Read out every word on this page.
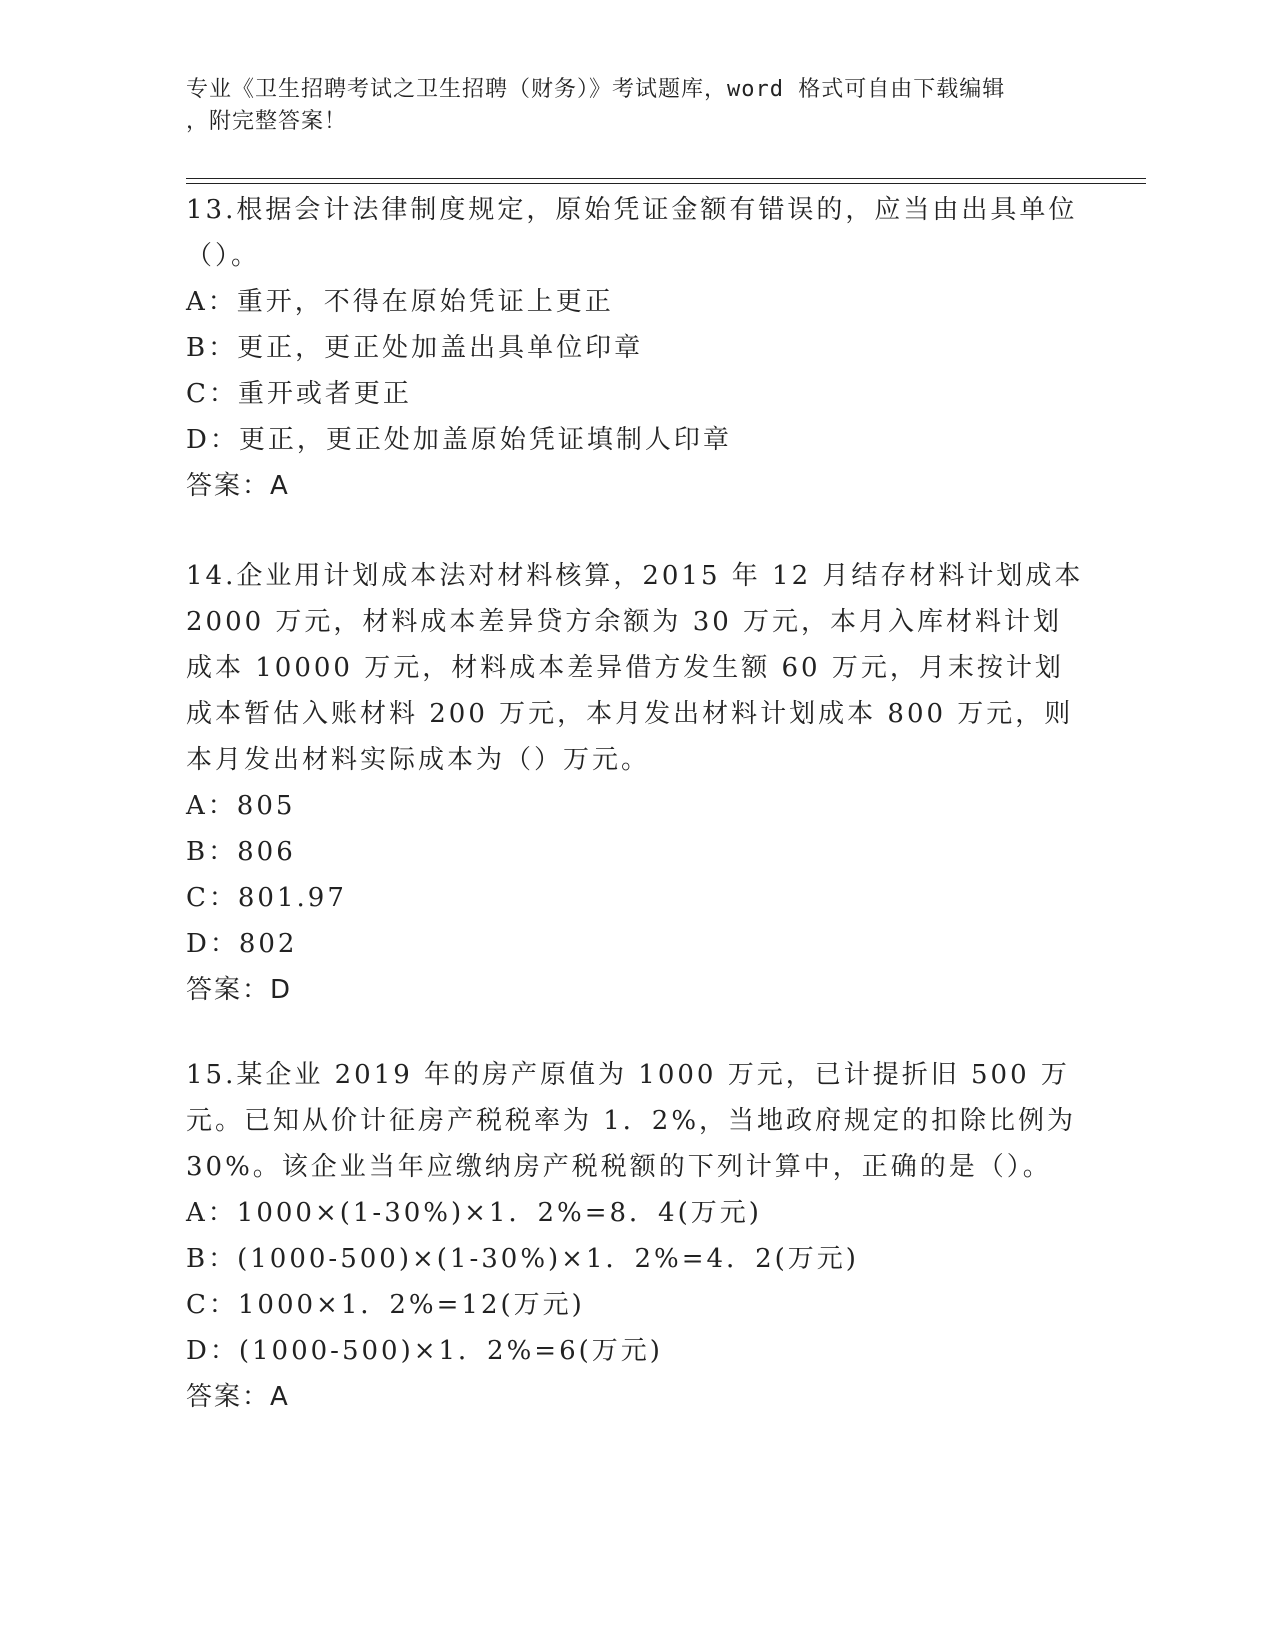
专业《卫生招聘考试之卫生招聘（财务）》考试题库，word 格式可自由下载编辑
，附完整答案！

13.根据会计法律制度规定，原始凭证金额有错误的，应当由出具单位（）。

A：重开，不得在原始凭证上更正

B：更正，更正处加盖出具单位印章

C：重开或者更正

D：更正，更正处加盖原始凭证填制人印章

答案：A

14.企业用计划成本法对材料核算，2015 年 12 月结存材料计划成本 2000 万元，材料成本差异贷方余额为 30 万元，本月入库材料计划成本 10000 万元，材料成本差异借方发生额 60 万元，月末按计划成本暂估入账材料 200 万元，本月发出材料计划成本 800 万元，则本月发出材料实际成本为（）万元。

A：805

B：806

C：801.97

D：802

答案：D

15.某企业 2019 年的房产原值为 1000 万元，已计提折旧 500 万元。已知从价计征房产税税率为 1．2%，当地政府规定的扣除比例为 30%。该企业当年应缴纳房产税税额的下列计算中，正确的是（）。

A：1000×(1-30%)×1．2%=8．4(万元)

B：(1000-500)×(1-30%)×1．2%=4．2(万元)

C：1000×1．2%=12(万元)

D：(1000-500)×1．2%=6(万元)

答案：A
